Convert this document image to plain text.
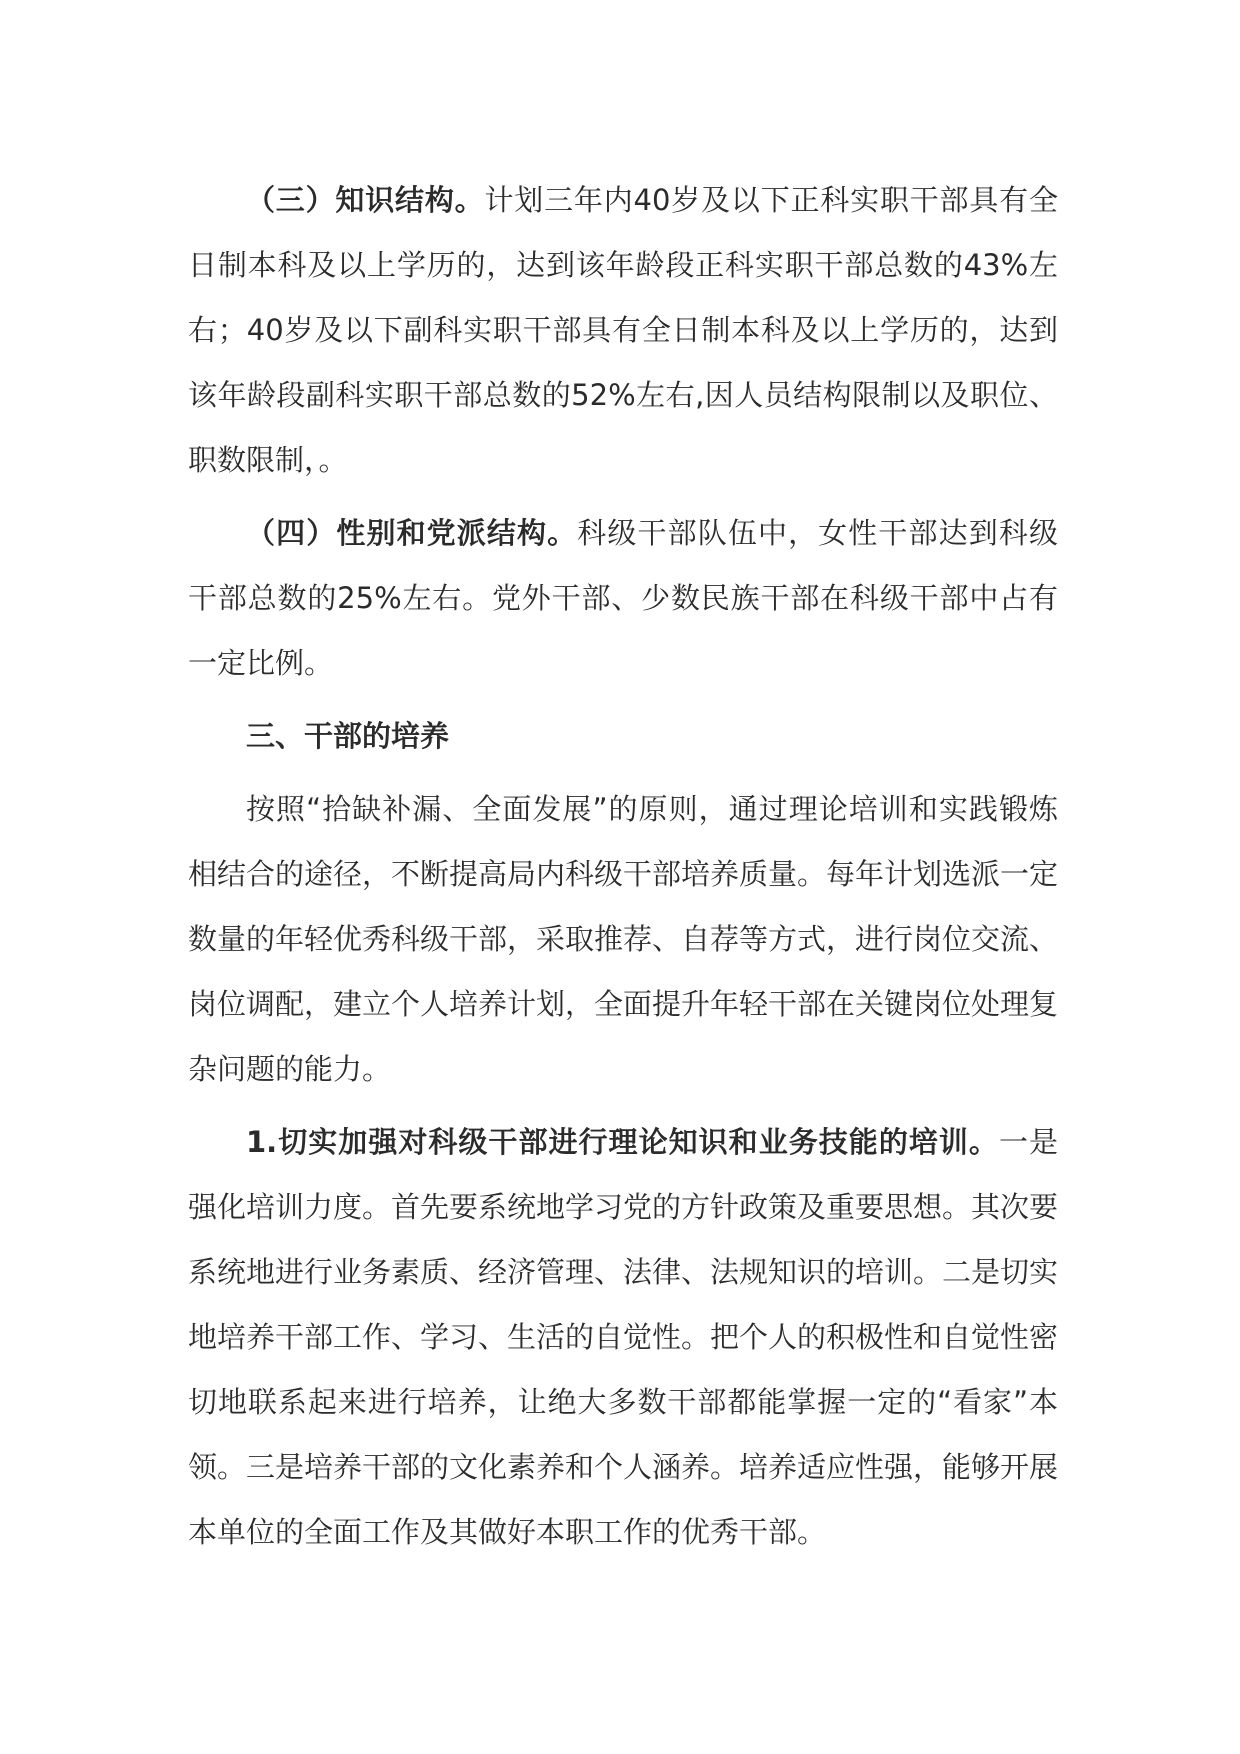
（三）知识结构。计划三年内40岁及以下正科实职干部具有全日制本科及以上学历的，达到该年龄段正科实职干部总数的43%左右；40岁及以下副科实职干部具有全日制本科及以上学历的，达到该年龄段副科实职干部总数的52%左右,因人员结构限制以及职位、职数限制，。

（四）性别和党派结构。科级干部队伍中，女性干部达到科级干部总数的25%左右。党外干部、少数民族干部在科级干部中占有一定比例。

三、干部的培养

按照“拾缺补漏、全面发展”的原则，通过理论培训和实践锻炼相结合的途径，不断提高局内科级干部培养质量。每年计划选派一定数量的年轻优秀科级干部，采取推荐、自荐等方式，进行岗位交流、岗位调配，建立个人培养计划，全面提升年轻干部在关键岗位处理复杂问题的能力。

1.切实加强对科级干部进行理论知识和业务技能的培训。一是强化培训力度。首先要系统地学习党的方针政策及重要思想。其次要系统地进行业务素质、经济管理、法律、法规知识的培训。二是切实地培养干部工作、学习、生活的自觉性。把个人的积极性和自觉性密切地联系起来进行培养，让绝大多数干部都能掌握一定的“看家”本领。三是培养干部的文化素养和个人涵养。培养适应性强，能够开展本单位的全面工作及其做好本职工作的优秀干部。
